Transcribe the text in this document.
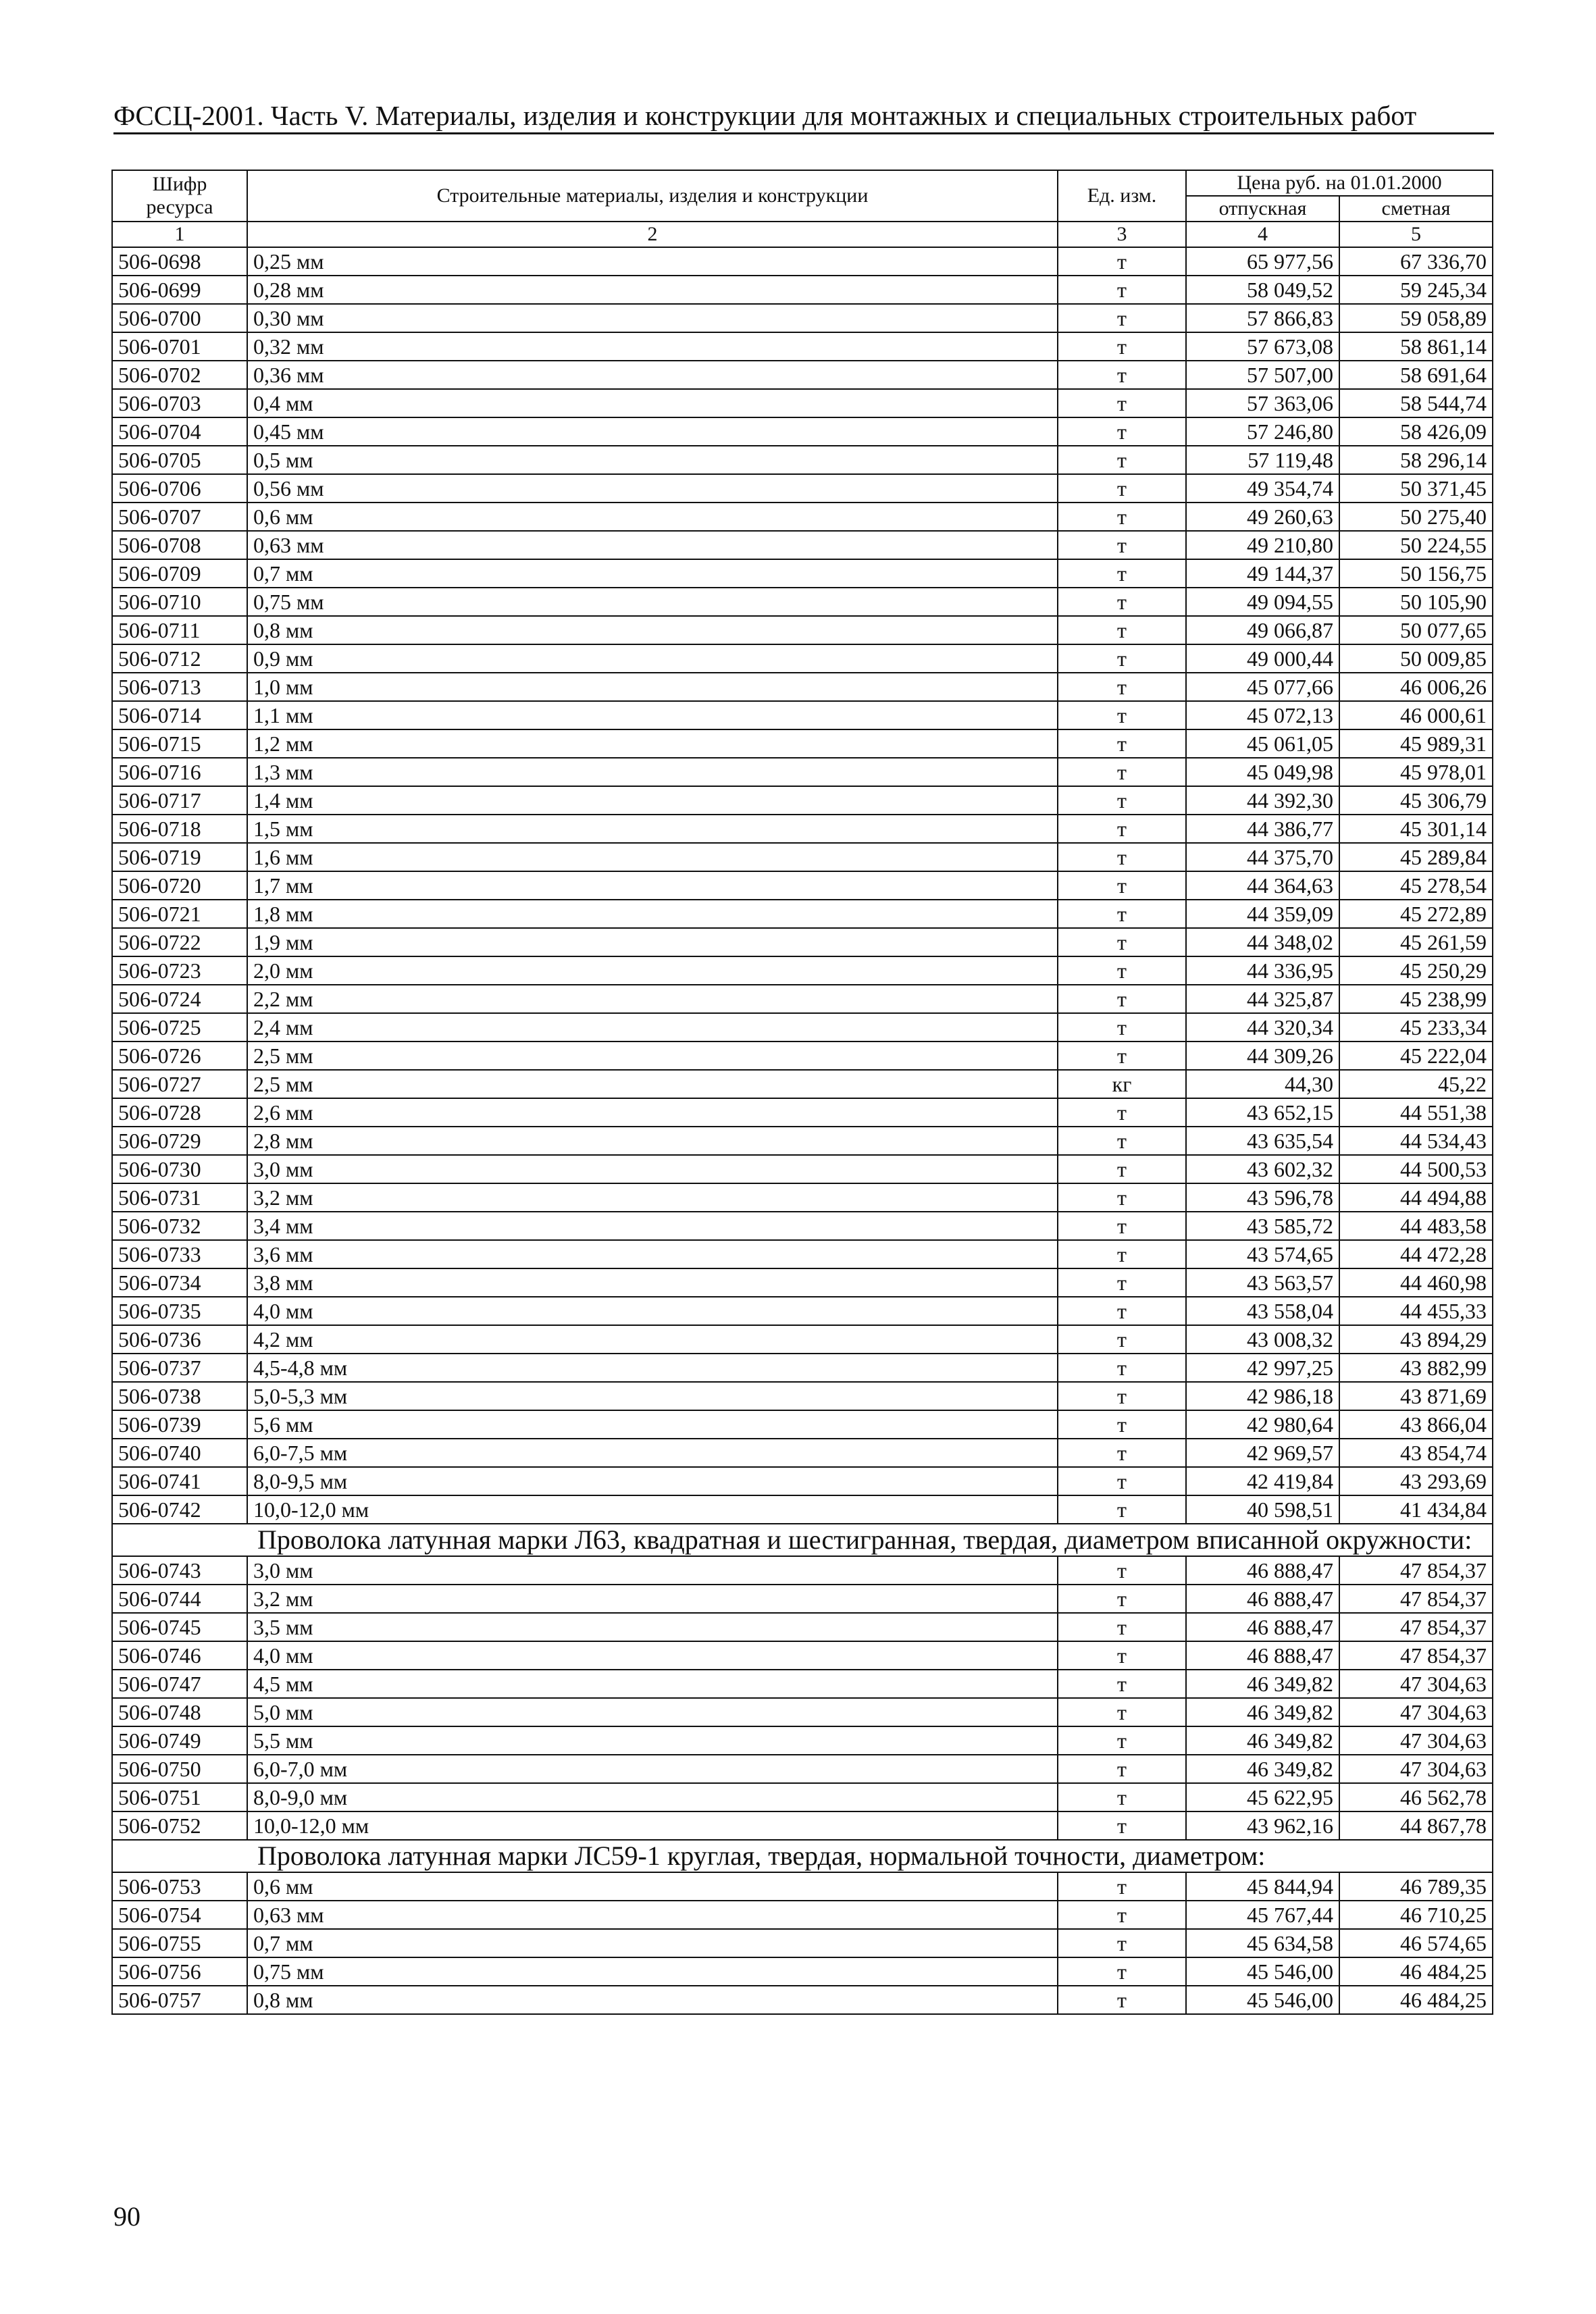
ФССЦ-2001. Часть V. Материалы, изделия и конструкции для монтажных и специальных строительных работ
Шифр ресурса	Строительные материалы, изделия и конструкции	Ед. изм.	Цена руб. на 01.01.2000	
			отпускная	сметная
1	2	3	4	5
506-0698	0,25 мм	т	65 977,56	67 336,70
506-0699	0,28 мм	т	58 049,52	59 245,34
506-0700	0,30 мм	т	57 866,83	59 058,89
506-0701	0,32 мм	т	57 673,08	58 861,14
506-0702	0,36 мм	т	57 507,00	58 691,64
506-0703	0,4 мм	т	57 363,06	58 544,74
506-0704	0,45 мм	т	57 246,80	58 426,09
506-0705	0,5 мм	т	57 119,48	58 296,14
506-0706	0,56 мм	т	49 354,74	50 371,45
506-0707	0,6 мм	т	49 260,63	50 275,40
506-0708	0,63 мм	т	49 210,80	50 224,55
506-0709	0,7 мм	т	49 144,37	50 156,75
506-0710	0,75 мм	т	49 094,55	50 105,90
506-0711	0,8 мм	т	49 066,87	50 077,65
506-0712	0,9 мм	т	49 000,44	50 009,85
506-0713	1,0 мм	т	45 077,66	46 006,26
506-0714	1,1 мм	т	45 072,13	46 000,61
506-0715	1,2 мм	т	45 061,05	45 989,31
506-0716	1,3 мм	т	45 049,98	45 978,01
506-0717	1,4 мм	т	44 392,30	45 306,79
506-0718	1,5 мм	т	44 386,77	45 301,14
506-0719	1,6 мм	т	44 375,70	45 289,84
506-0720	1,7 мм	т	44 364,63	45 278,54
506-0721	1,8 мм	т	44 359,09	45 272,89
506-0722	1,9 мм	т	44 348,02	45 261,59
506-0723	2,0 мм	т	44 336,95	45 250,29
506-0724	2,2 мм	т	44 325,87	45 238,99
506-0725	2,4 мм	т	44 320,34	45 233,34
506-0726	2,5 мм	т	44 309,26	45 222,04
506-0727	2,5 мм	кг	44,30	45,22
506-0728	2,6 мм	т	43 652,15	44 551,38
506-0729	2,8 мм	т	43 635,54	44 534,43
506-0730	3,0 мм	т	43 602,32	44 500,53
506-0731	3,2 мм	т	43 596,78	44 494,88
506-0732	3,4 мм	т	43 585,72	44 483,58
506-0733	3,6 мм	т	43 574,65	44 472,28
506-0734	3,8 мм	т	43 563,57	44 460,98
506-0735	4,0 мм	т	43 558,04	44 455,33
506-0736	4,2 мм	т	43 008,32	43 894,29
506-0737	4,5-4,8 мм	т	42 997,25	43 882,99
506-0738	5,0-5,3 мм	т	42 986,18	43 871,69
506-0739	5,6 мм	т	42 980,64	43 866,04
506-0740	6,0-7,5 мм	т	42 969,57	43 854,74
506-0741	8,0-9,5 мм	т	42 419,84	43 293,69
506-0742	10,0-12,0 мм	т	40 598,51	41 434,84
Проволока латунная марки Л63, квадратная и шестигранная, твердая, диаметром вписанной окружности:				
506-0743	3,0 мм	т	46 888,47	47 854,37
506-0744	3,2 мм	т	46 888,47	47 854,37
506-0745	3,5 мм	т	46 888,47	47 854,37
506-0746	4,0 мм	т	46 888,47	47 854,37
506-0747	4,5 мм	т	46 349,82	47 304,63
506-0748	5,0 мм	т	46 349,82	47 304,63
506-0749	5,5 мм	т	46 349,82	47 304,63
506-0750	6,0-7,0 мм	т	46 349,82	47 304,63
506-0751	8,0-9,0 мм	т	45 622,95	46 562,78
506-0752	10,0-12,0 мм	т	43 962,16	44 867,78
Проволока латунная марки ЛС59-1 круглая, твердая, нормальной точности, диаметром:				
506-0753	0,6 мм	т	45 844,94	46 789,35
506-0754	0,63 мм	т	45 767,44	46 710,25
506-0755	0,7 мм	т	45 634,58	46 574,65
506-0756	0,75 мм	т	45 546,00	46 484,25
506-0757	0,8 мм	т	45 546,00	46 484,25
90
